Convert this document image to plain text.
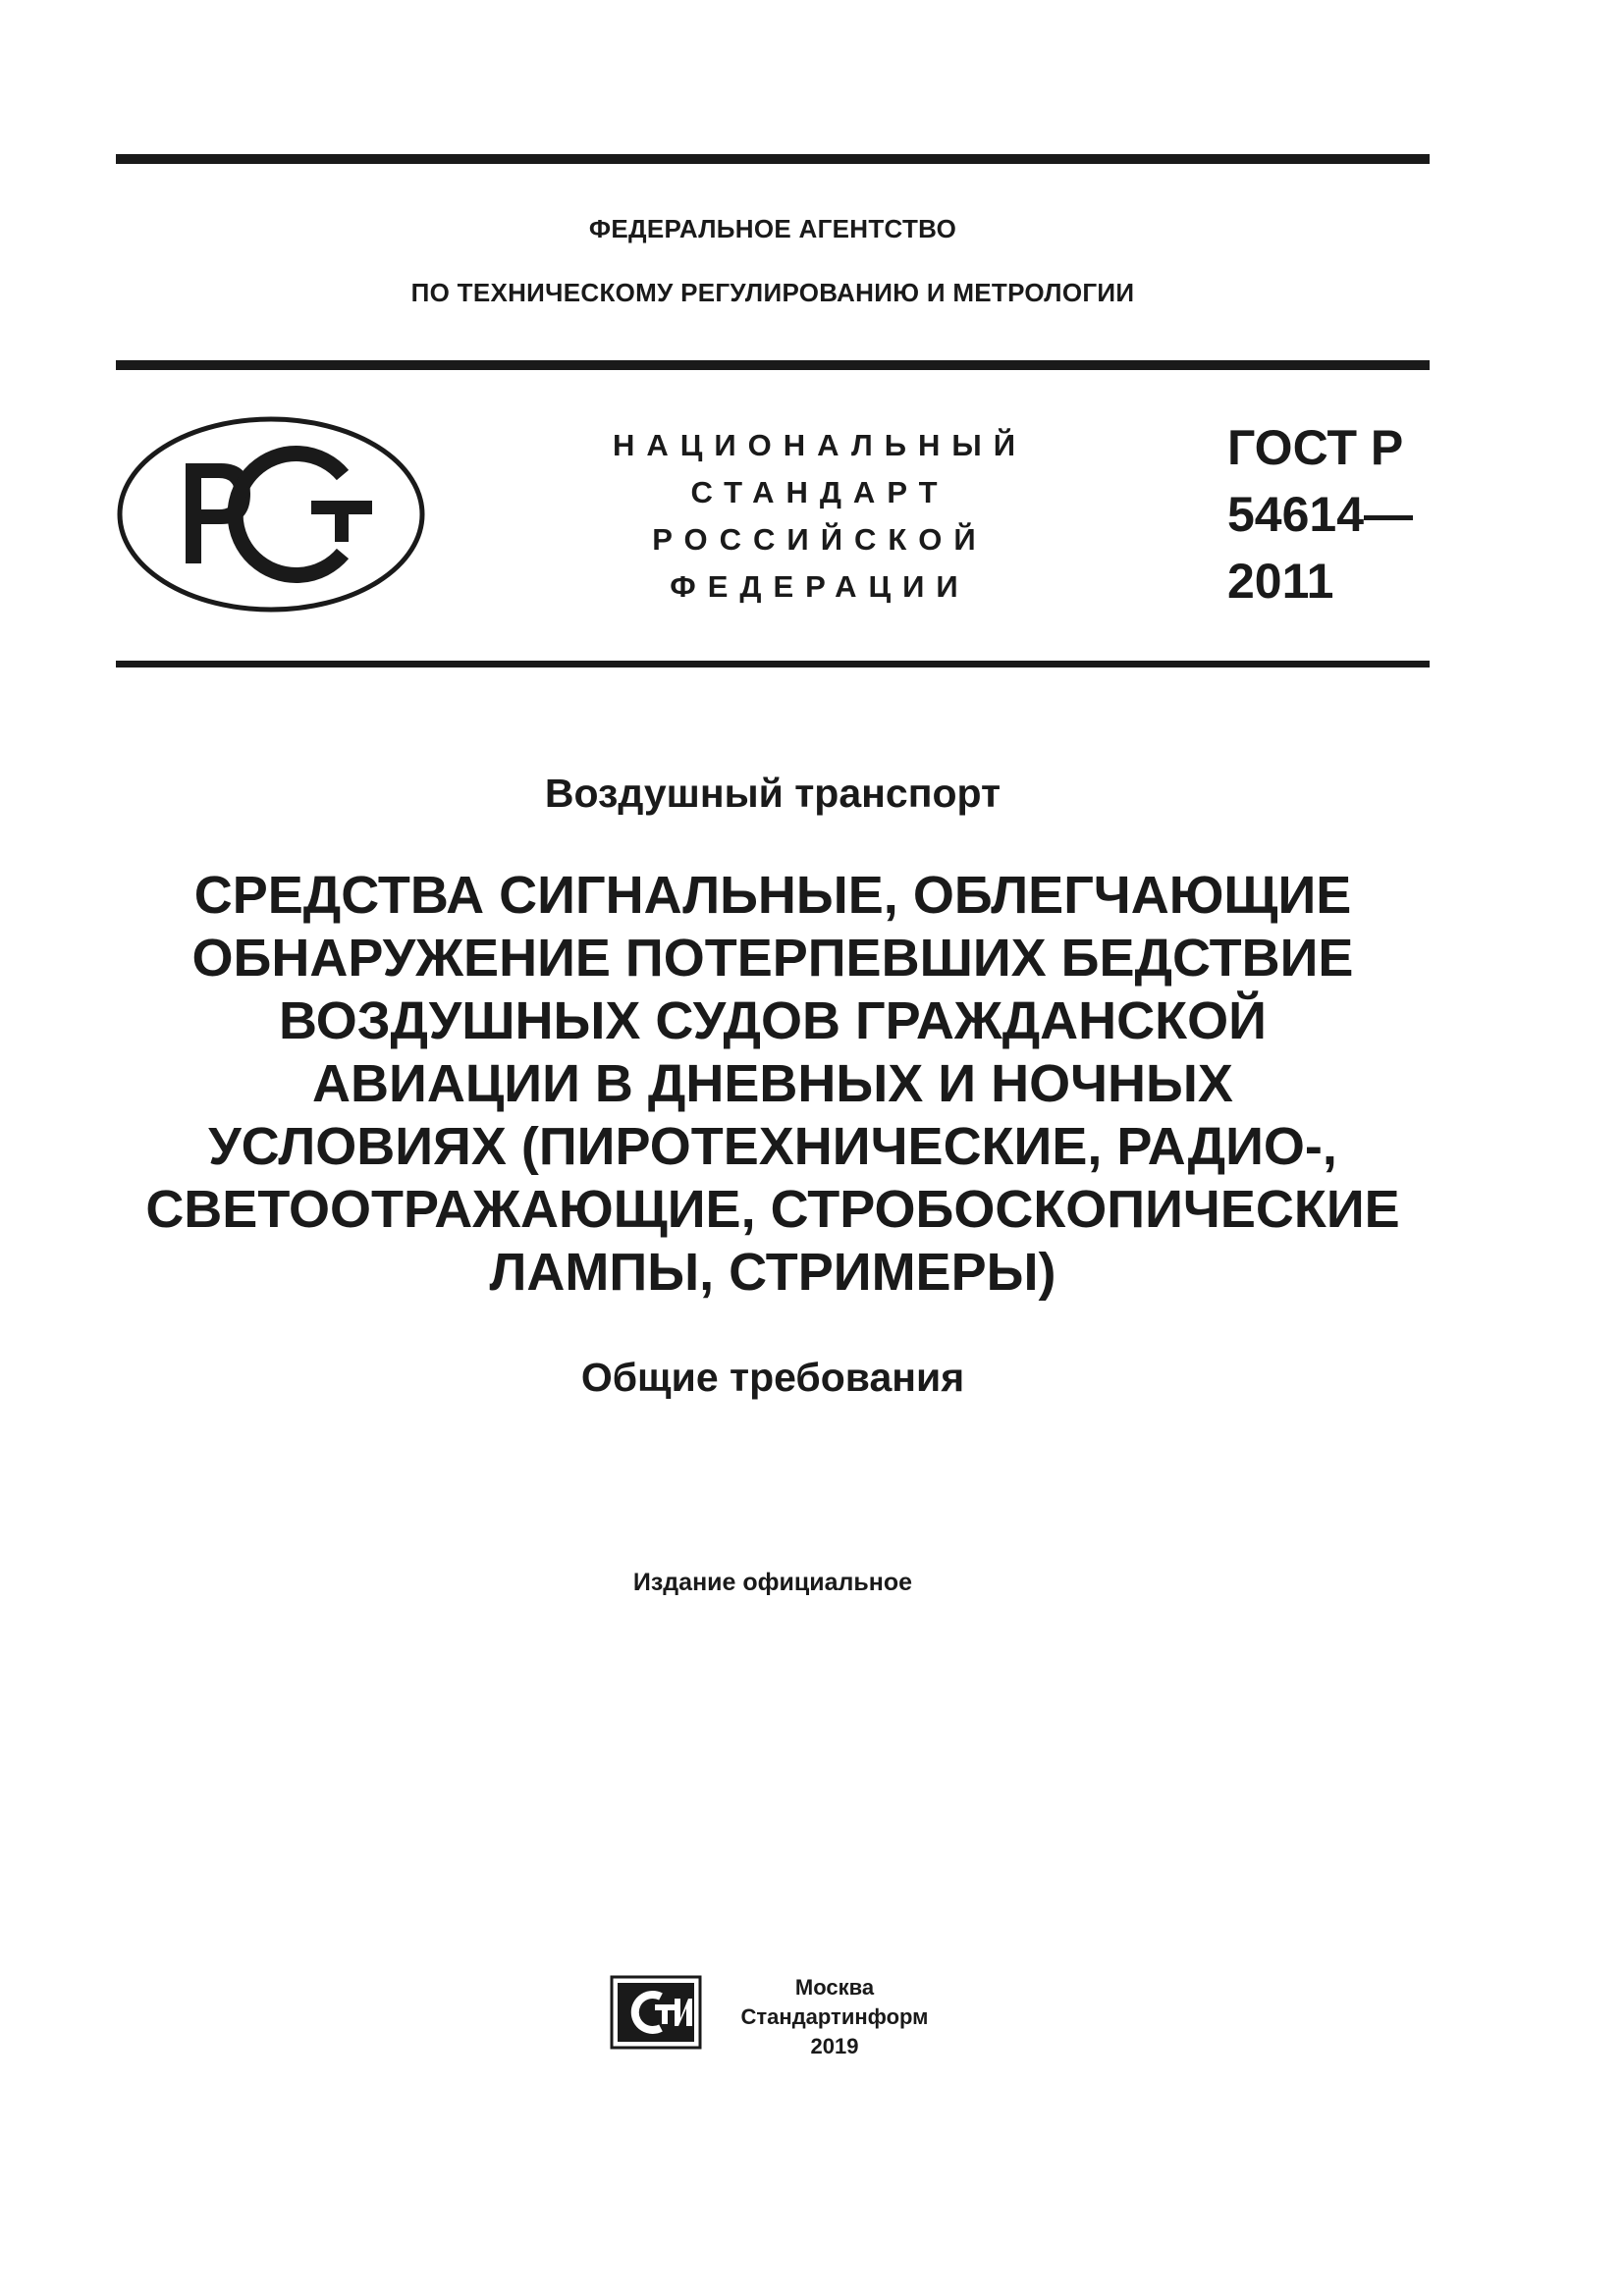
ФЕДЕРАЛЬНОЕ АГЕНТСТВО
ПО ТЕХНИЧЕСКОМУ РЕГУЛИРОВАНИЮ И МЕТРОЛОГИИ
НАЦИОНАЛЬНЫЙ
СТАНДАРТ
РОССИЙСКОЙ
ФЕДЕРАЦИИ
ГОСТ Р
54614—
2011
Воздушный транспорт
СРЕДСТВА СИГНАЛЬНЫЕ, ОБЛЕГЧАЮЩИЕ
ОБНАРУЖЕНИЕ ПОТЕРПЕВШИХ БЕДСТВИЕ
ВОЗДУШНЫХ СУДОВ ГРАЖДАНСКОЙ
АВИАЦИИ В ДНЕВНЫХ И НОЧНЫХ
УСЛОВИЯХ (ПИРОТЕХНИЧЕСКИЕ, РАДИО-,
СВЕТООТРАЖАЮЩИЕ, СТРОБОСКОПИЧЕСКИЕ
ЛАМПЫ, СТРИМЕРЫ)
Общие требования
Издание официальное
Москва
Стандартинформ
2019
